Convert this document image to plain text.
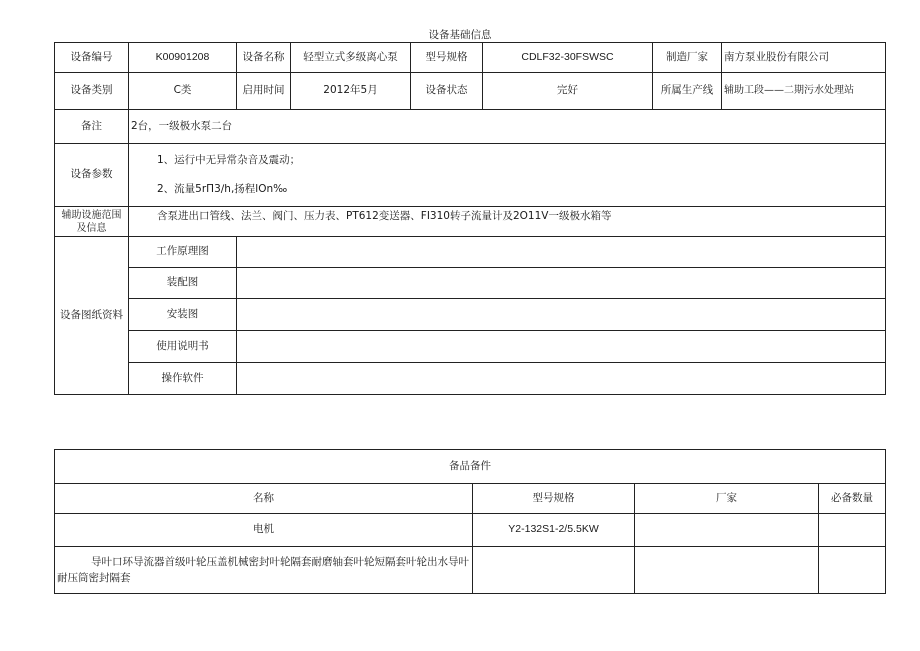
设备基础信息
设备编号	K00901208	设备名称	轻型立式多级离心泵	型号规格	CDLF32-30FSWSC	制造厂家	南方泵业股份有限公司
设备类别	C类	启用时间	2012年5月	设备状态	完好	所属生产线	辅助工段——二期污水处理站
备注	2台，一级极水泵二台						
设备参数	1、运行中无异常杂音及震动；
2、流量5rΠ3∕h,扬程lOn‰						

辅助设施范围及信息	含泵进出口管线、法兰、阀门、压力表、PT612变送器、FI310转子流量计及2O11V一级极水箱等						
设备图纸资料	工作原理图						
	装配图						
	安装图						
	使用说明书						
	操作软件						
备品备件			
名称	型号规格	厂家	必备数量
电机	Y2-132S1-2/5.5KW		
导叶口环导流器首级叶轮压盖机械密封叶轮隔套耐磨轴套叶轮短隔套叶轮出水导叶耐压筒密封隔套			
